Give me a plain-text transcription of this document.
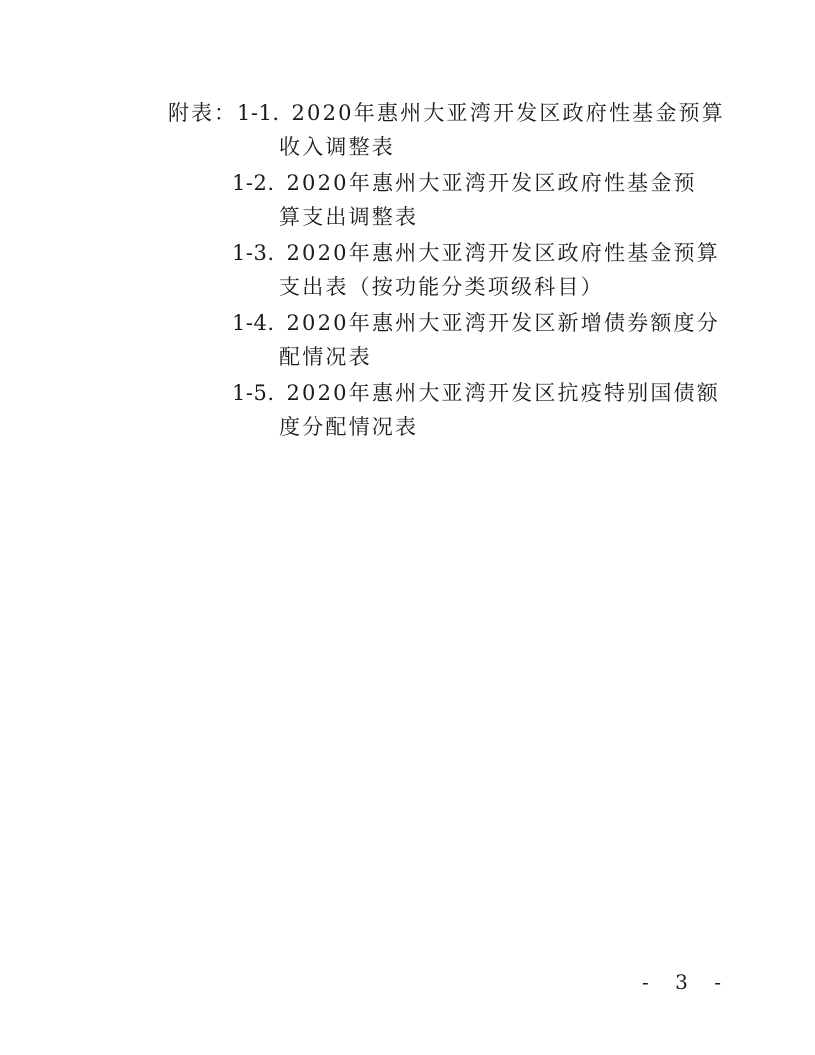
附表：1-1. 2020年惠州大亚湾开发区政府性基金预算
收入调整表
1-2. 2020年惠州大亚湾开发区政府性基金预
算支出调整表
1-3. 2020年惠州大亚湾开发区政府性基金预算
支出表（按功能分类项级科目）
1-4. 2020年惠州大亚湾开发区新增债券额度分
配情况表
1-5. 2020年惠州大亚湾开发区抗疫特别国债额
度分配情况表
- 3 -
